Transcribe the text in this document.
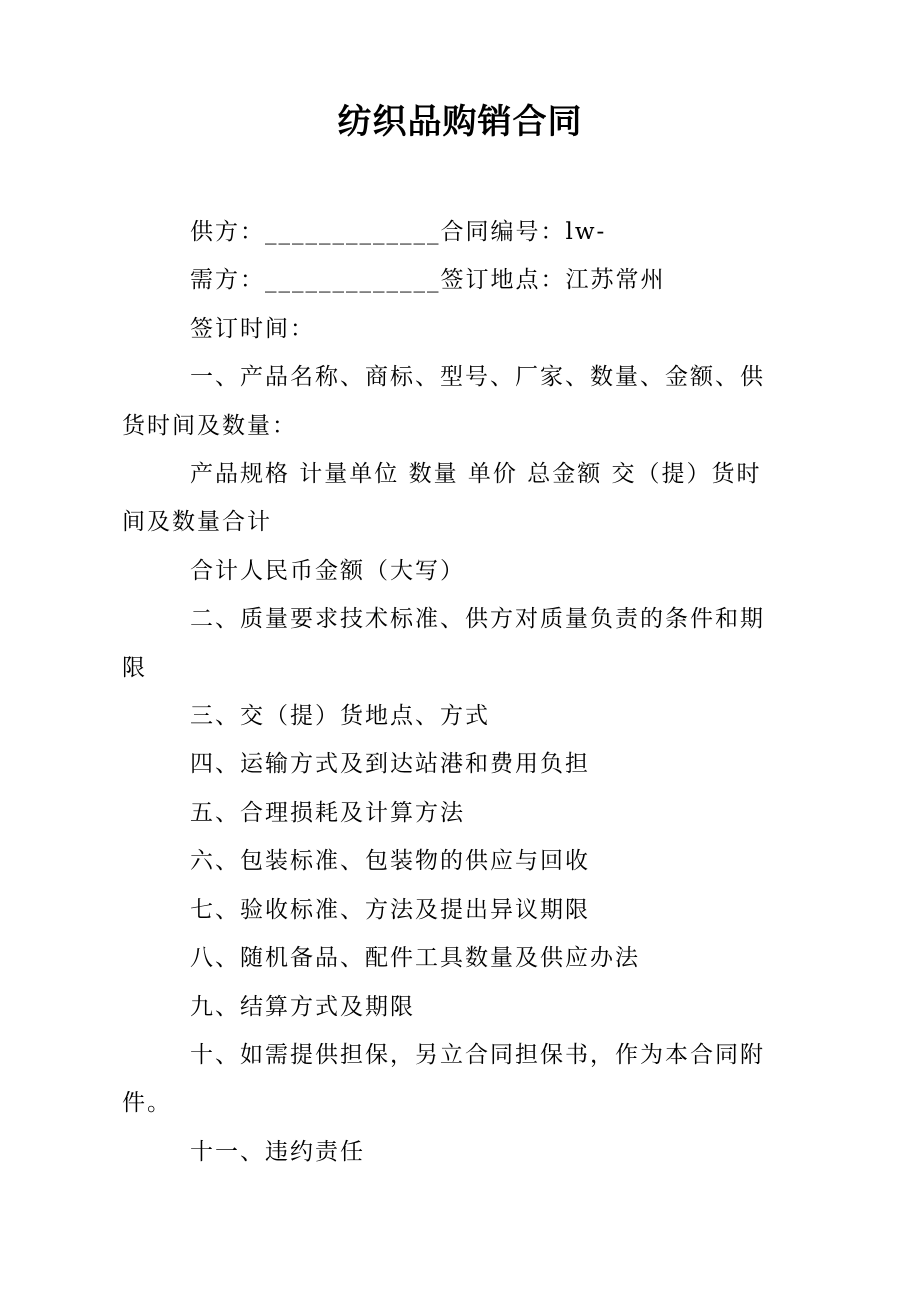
纺织品购销合同
供方：_____________合同编号：lw-
需方：_____________签订地点：江苏常州
签订时间：
一、产品名称、商标、型号、厂家、数量、金额、供
货时间及数量：
产品规格 计量单位 数量 单价 总金额 交（提）货时
间及数量合计
合计人民币金额（大写）
二、质量要求技术标准、供方对质量负责的条件和期
限
三、交（提）货地点、方式
四、运输方式及到达站港和费用负担
五、合理损耗及计算方法
六、包装标准、包装物的供应与回收
七、验收标准、方法及提出异议期限
八、随机备品、配件工具数量及供应办法
九、结算方式及期限
十、如需提供担保，另立合同担保书，作为本合同附
件。
十一、违约责任
